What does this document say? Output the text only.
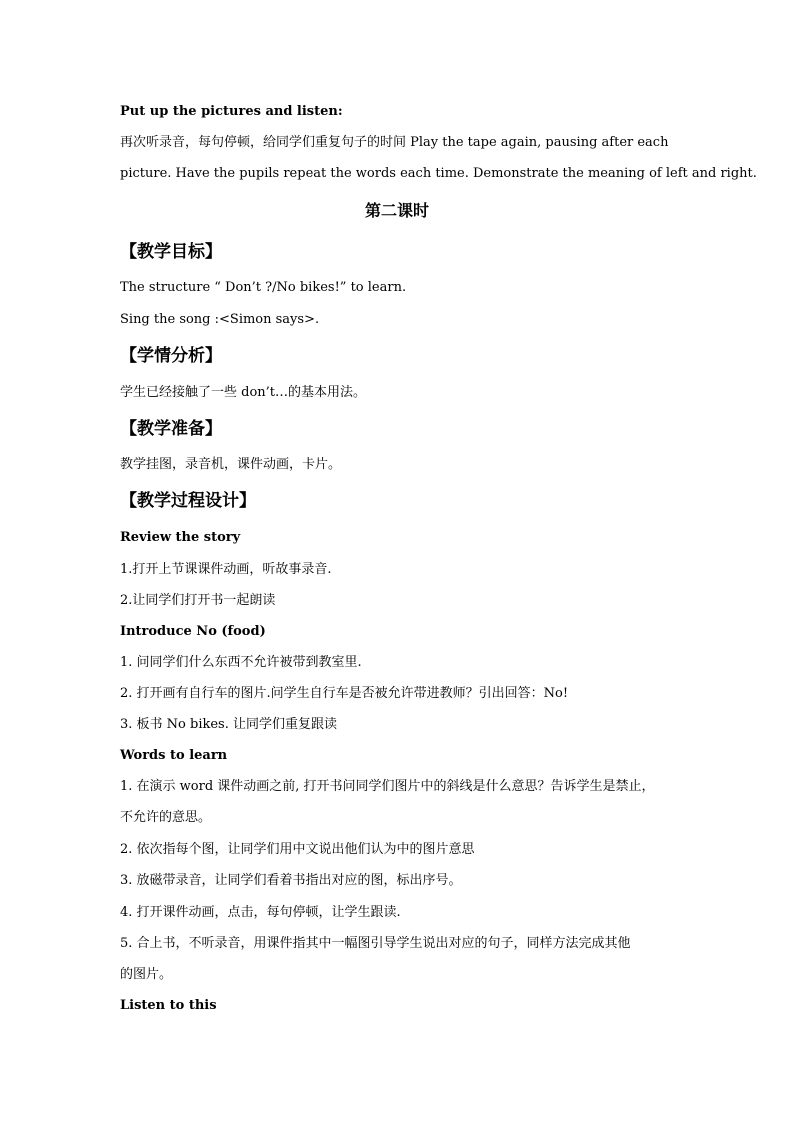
Put up the pictures and listen:
再次听录音，每句停顿，给同学们重复句子的时间 Play the tape again, pausing after each
picture. Have the pupils repeat the words each time. Demonstrate the meaning of left and right.
第二课时
【教学目标】
The structure “ Don’t ?/No bikes!” to learn.
Sing the song :<Simon says>.
【学情分析】
学生已经接触了一些 don’t…的基本用法。
【教学准备】
教学挂图，录音机，课件动画，卡片。
【教学过程设计】
Review the story
1.打开上节课课件动画，听故事录音.
2.让同学们打开书一起朗读
Introduce No (food)
1. 问同学们什么东西不允许被带到教室里.
2. 打开画有自行车的图片.问学生自行车是否被允许带进教师？引出回答：No!
3. 板书 No bikes. 让同学们重复跟读
Words to learn
1. 在演示 word 课件动画之前, 打开书问同学们图片中的斜线是什么意思？告诉学生是禁止，
不允许的意思。
2. 依次指每个图，让同学们用中文说出他们认为中的图片意思
3. 放磁带录音，让同学们看着书指出对应的图，标出序号。
4. 打开课件动画，点击，每句停顿，让学生跟读.
5. 合上书，不听录音，用课件指其中一幅图引导学生说出对应的句子，同样方法完成其他
的图片。
Listen to this
